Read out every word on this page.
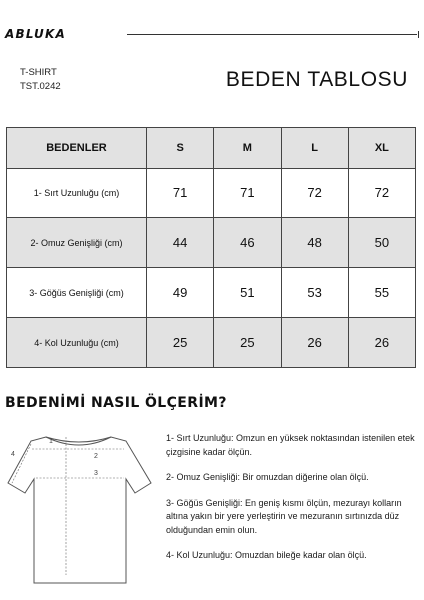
ABLUKA
T-SHIRT
TST.0242	BEDEN TABLOSU
BEDENLER	S	M	L	XL
1- Sırt Uzunluğu (cm)	71	71	72	72
2- Omuz Genişliği (cm)	44	46	48	50
3- Göğüs Genişliği (cm)	49	51	53	55
4- Kol Uzunluğu (cm)	25	25	26	26
BEDENİMİ NASIL ÖLÇERİM?
1
2
3
4

1- Sırt Uzunluğu: Omzun en yüksek noktasından istenilen etek çizgisine kadar ölçün.

2- Omuz Genişliği: Bir omuzdan diğerine olan ölçü.

3- Göğüs Genişliği: En geniş kısmı ölçün, mezurayı kolların altına yakın bir yere yerleştirin ve mezuranın sırtınızda düz olduğundan emin olun.

4- Kol Uzunluğu: Omuzdan bileğe kadar olan ölçü.
